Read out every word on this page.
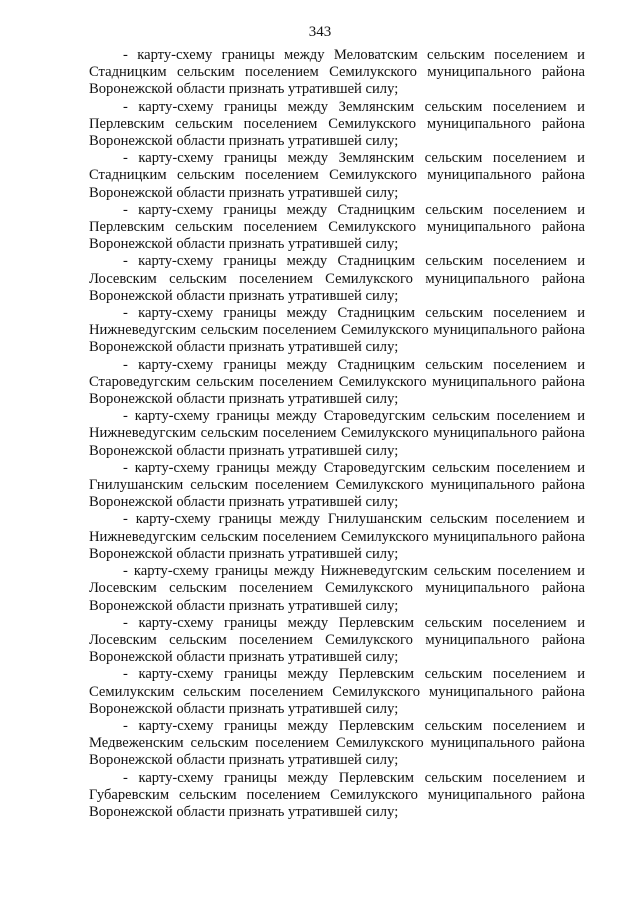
343

- карту-схему границы между Меловатским сельским поселением и Стадницким сельским поселением Семилукского муниципального района Воронежской области признать утратившей силу;

- карту-схему границы между Землянским сельским поселением и Перлевским сельским поселением Семилукского муниципального района Воронежской области признать утратившей силу;

- карту-схему границы между Землянским сельским поселением и Стадницким сельским поселением Семилукского муниципального района Воронежской области признать утратившей силу;

- карту-схему границы между Стадницким сельским поселением и Перлевским сельским поселением Семилукского муниципального района Воронежской области признать утратившей силу;

- карту-схему границы между Стадницким сельским поселением и Лосевским сельским поселением Семилукского муниципального района Воронежской области признать утратившей силу;

- карту-схему границы между Стадницким сельским поселением и Нижневедугским сельским поселением Семилукского муниципального района Воронежской области признать утратившей силу;

- карту-схему границы между Стадницким сельским поселением и Староведугским сельским поселением Семилукского муниципального района Воронежской области признать утратившей силу;

- карту-схему границы между Староведугским сельским поселением и Нижневедугским сельским поселением Семилукского муниципального района Воронежской области признать утратившей силу;

- карту-схему границы между Староведугским сельским поселением и Гнилушанским сельским поселением Семилукского муниципального района Воронежской области признать утратившей силу;

- карту-схему границы между Гнилушанским сельским поселением и Нижневедугским сельским поселением Семилукского муниципального района Воронежской области признать утратившей силу;

- карту-схему границы между Нижневедугским сельским поселением и Лосевским сельским поселением Семилукского муниципального района Воронежской области признать утратившей силу;

- карту-схему границы между Перлевским сельским поселением и Лосевским сельским поселением Семилукского муниципального района Воронежской области признать утратившей силу;

- карту-схему границы между Перлевским сельским поселением и Семилукским сельским поселением Семилукского муниципального района Воронежской области признать утратившей силу;

- карту-схему границы между Перлевским сельским поселением и Медвеженским сельским поселением Семилукского муниципального района Воронежской области признать утратившей силу;

- карту-схему границы между Перлевским сельским поселением и Губаревским сельским поселением Семилукского муниципального района Воронежской области признать утратившей силу;
